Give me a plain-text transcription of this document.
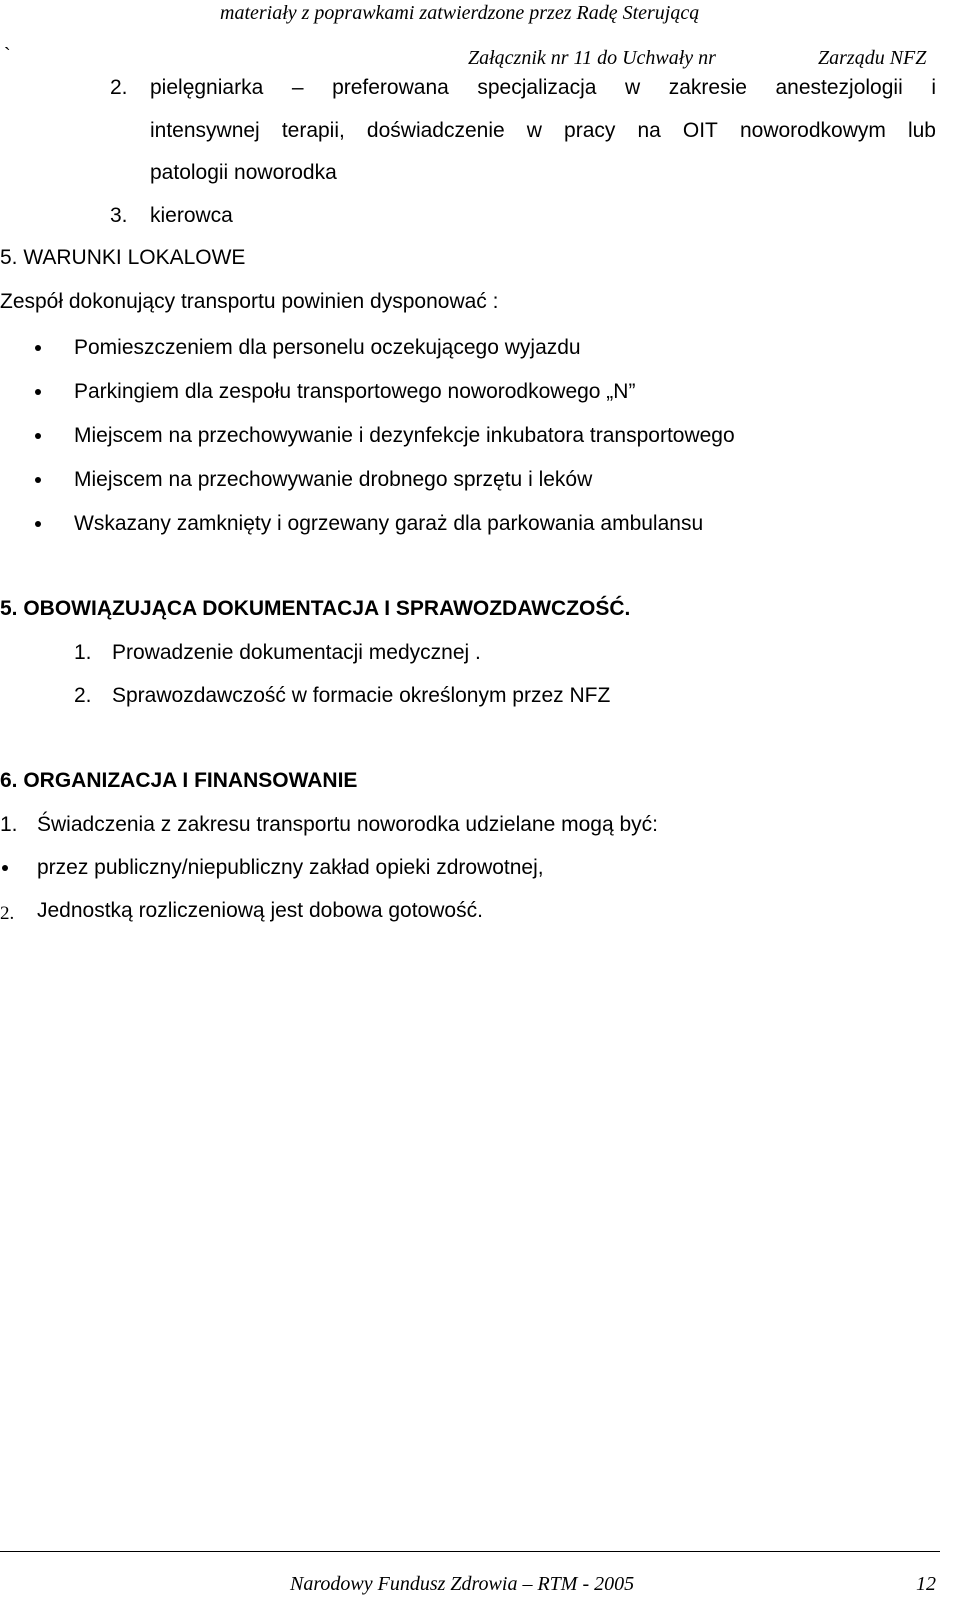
materiały z poprawkami zatwierdzone przez Radę Sterującą
`	Załącznik nr 11 do Uchwały nr	Zarządu NFZ
2. pielęgniarka – preferowana specjalizacja w zakresie anestezjologii i
intensywnej terapii, doświadczenie w pracy na OIT noworodkowym lub
patologii noworodka
3. kierowca
5. WARUNKI LOKALOWE
Zespół dokonujący transportu powinien dysponować :
Pomieszczeniem dla personelu oczekującego wyjazdu
Parkingiem dla zespołu transportowego noworodkowego „N”
Miejscem na przechowywanie i dezynfekcje inkubatora transportowego
Miejscem na przechowywanie drobnego sprzętu i leków
Wskazany zamknięty i ogrzewany garaż dla parkowania ambulansu
5. OBOWIĄZUJĄCA DOKUMENTACJA I SPRAWOZDAWCZOŚĆ.
1. Prowadzenie dokumentacji medycznej .
2. Sprawozdawczość w formacie określonym przez NFZ
6. ORGANIZACJA I FINANSOWANIE
1. Świadczenia z zakresu transportu noworodka udzielane mogą być:
przez publiczny/niepubliczny zakład opieki zdrowotnej,
2. Jednostką rozliczeniową jest dobowa gotowość.
Narodowy Fundusz Zdrowia – RTM - 2005	12
